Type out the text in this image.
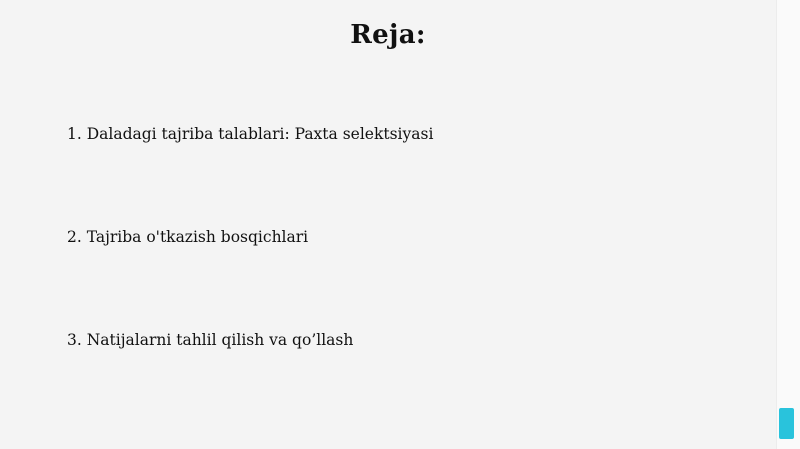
Reja:
1. Daladagi tajriba talablari: Paxta selektsiyasi
2. Tajriba o'tkazish bosqichlari
3. Natijalarni tahlil qilish va qo’llash
